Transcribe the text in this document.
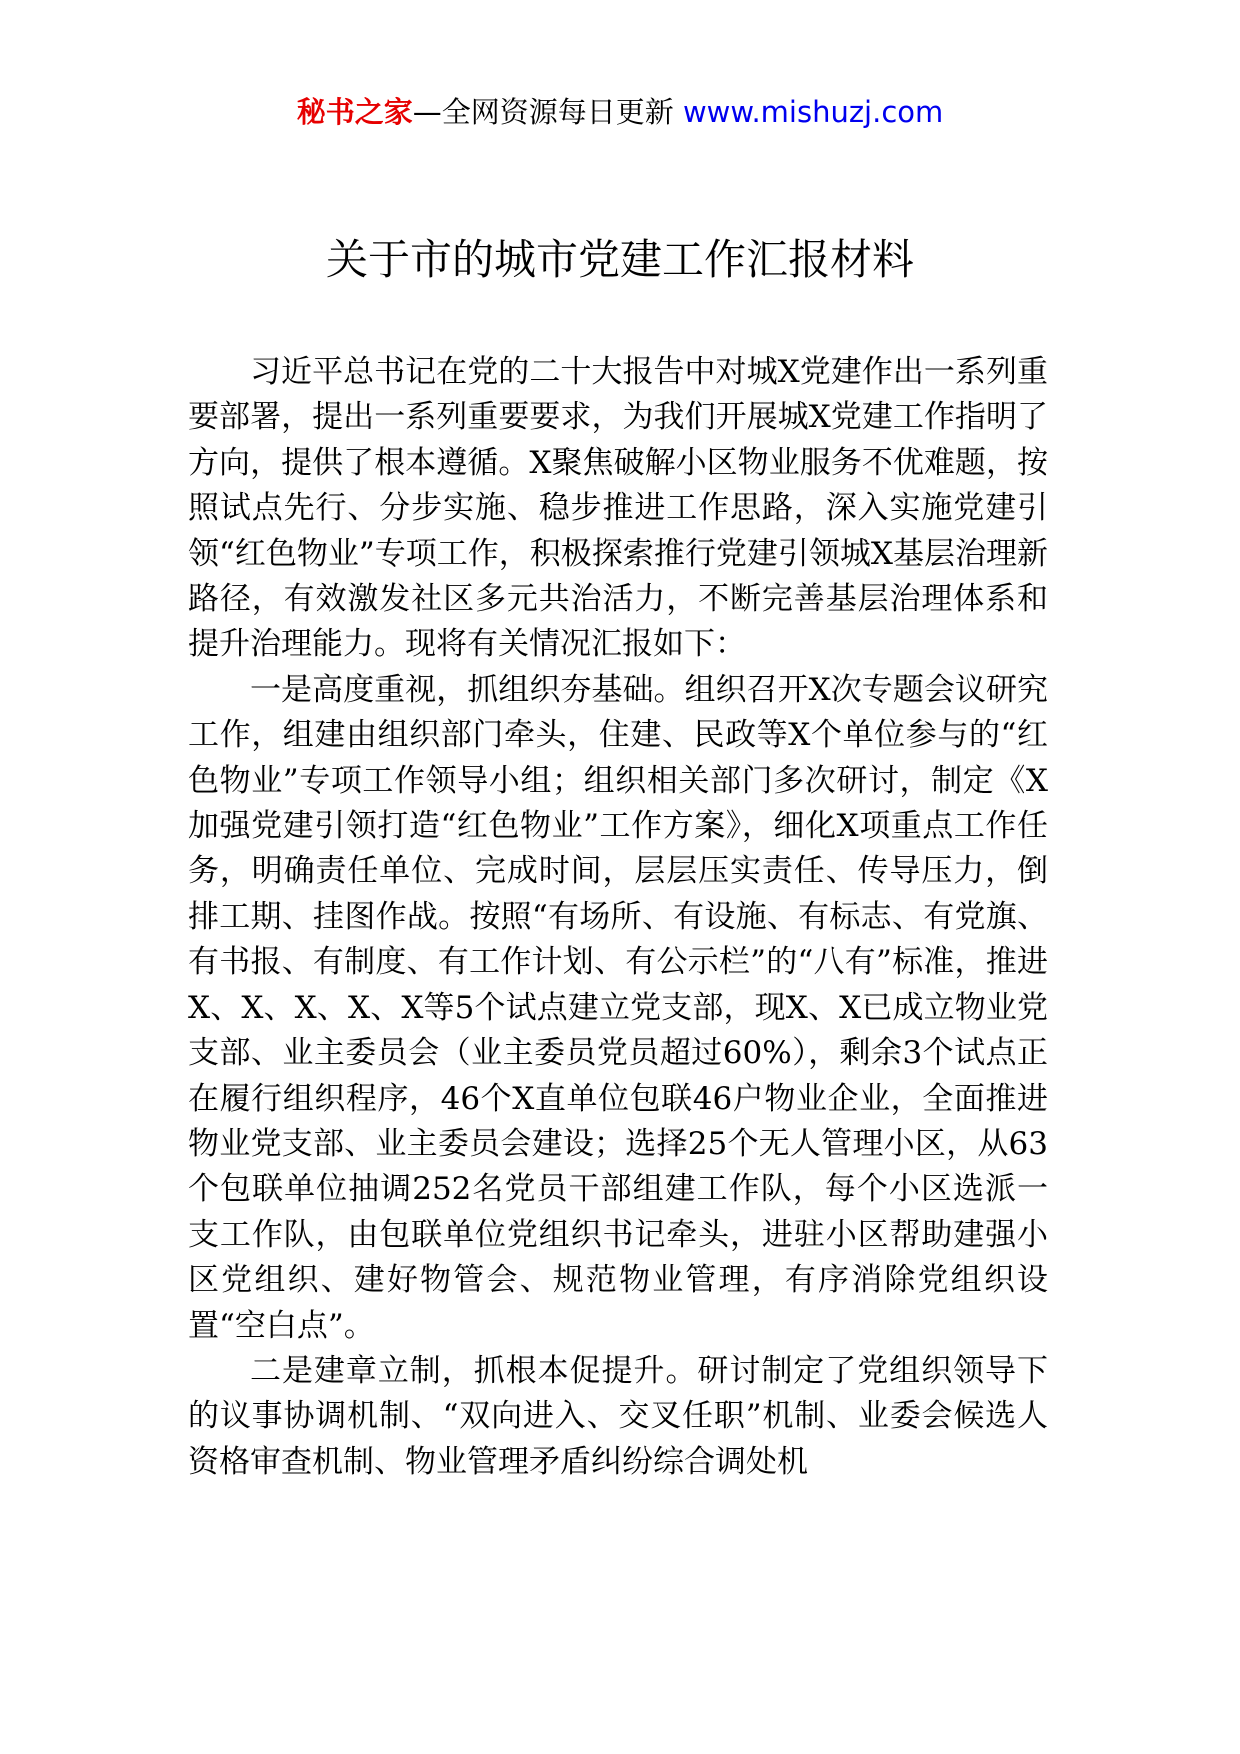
秘书之家—全网资源每日更新 www.mishuzj.com
关于市的城市党建工作汇报材料

习近平总书记在党的二十大报告中对城X党建作出一系列重要部署，提出一系列重要要求，为我们开展城X党建工作指明了方向，提供了根本遵循。X聚焦破解小区物业服务不优难题，按照试点先行、分步实施、稳步推进工作思路，深入实施党建引领“红色物业”专项工作，积极探索推行党建引领城X基层治理新路径，有效激发社区多元共治活力，不断完善基层治理体系和提升治理能力。现将有关情况汇报如下：

一是高度重视，抓组织夯基础。组织召开X次专题会议研究工作，组建由组织部门牵头，住建、民政等X个单位参与的“红色物业”专项工作领导小组；组织相关部门多次研讨，制定《X加强党建引领打造“红色物业”工作方案》，细化X项重点工作任务，明确责任单位、完成时间，层层压实责任、传导压力，倒排工期、挂图作战。按照“有场所、有设施、有标志、有党旗、有书报、有制度、有工作计划、有公示栏”的“八有”标准，推进X、X、X、X、X等5个试点建立党支部，现X、X已成立物业党支部、业主委员会（业主委员党员超过60%），剩余3个试点正在履行组织程序，46个X直单位包联46户物业企业，全面推进物业党支部、业主委员会建设；选择25个无人管理小区，从63个包联单位抽调252名党员干部组建工作队，每个小区选派一支工作队，由包联单位党组织书记牵头，进驻小区帮助建强小区党组织、建好物管会、规范物业管理，有序消除党组织设置“空白点”。

二是建章立制，抓根本促提升。研讨制定了党组织领导下的议事协调机制、“双向进入、交叉任职”机制、业委会候选人资格审查机制、物业管理矛盾纠纷综合调处机
